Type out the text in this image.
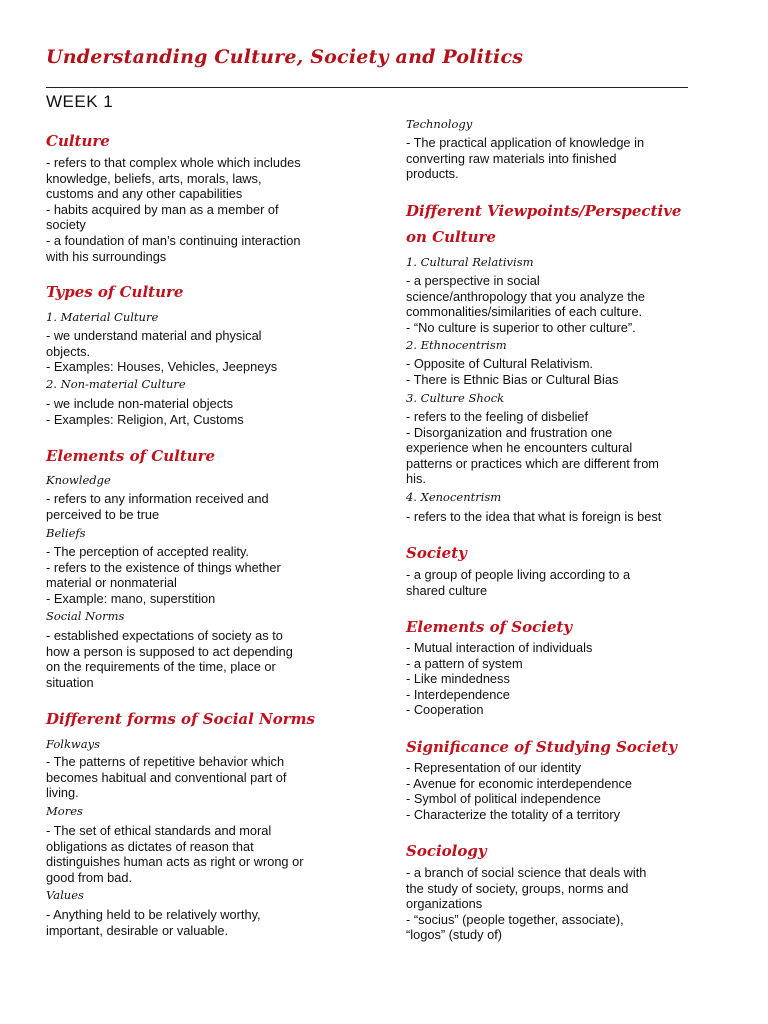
Understanding Culture, Society and Politics
WEEK 1
Culture
- refers to that complex whole which includes
knowledge, beliefs, arts, morals, laws,
customs and any other capabilities
- habits acquired by man as a member of
society
- a foundation of man’s continuing interaction
with his surroundings
Types of Culture
1. Material Culture
- we understand material and physical
objects.
- Examples: Houses, Vehicles, Jeepneys
2. Non-material Culture
- we include non-material objects
- Examples: Religion, Art, Customs
Elements of Culture
Knowledge
- refers to any information received and
perceived to be true
Beliefs
- The perception of accepted reality.
- refers to the existence of things whether
material or nonmaterial
- Example: mano, superstition
Social Norms
- established expectations of society as to
how a person is supposed to act depending
on the requirements of the time, place or
situation
Different forms of Social Norms
Folkways
- The patterns of repetitive behavior which
becomes habitual and conventional part of
living.
Mores
- The set of ethical standards and moral
obligations as dictates of reason that
distinguishes human acts as right or wrong or
good from bad.
Values
- Anything held to be relatively worthy,
important, desirable or valuable.
Technology
- The practical application of knowledge in
converting raw materials into finished
products.
Different Viewpoints/Perspective
on Culture
1. Cultural Relativism
- a perspective in social
science/anthropology that you analyze the
commonalities/similarities of each culture.
- “No culture is superior to other culture”.
2. Ethnocentrism
- Opposite of Cultural Relativism.
- There is Ethnic Bias or Cultural Bias
3. Culture Shock
- refers to the feeling of disbelief
- Disorganization and frustration one
experience when he encounters cultural
patterns or practices which are different from
his.
4. Xenocentrism
- refers to the idea that what is foreign is best
Society
- a group of people living according to a
shared culture
Elements of Society
- Mutual interaction of individuals
- a pattern of system
- Like mindedness
- Interdependence
- Cooperation
Significance of Studying Society
- Representation of our identity
- Avenue for economic interdependence
- Symbol of political independence
- Characterize the totality of a territory
Sociology
- a branch of social science that deals with
the study of society, groups, norms and
organizations
- “socius” (people together, associate),
“logos” (study of)
